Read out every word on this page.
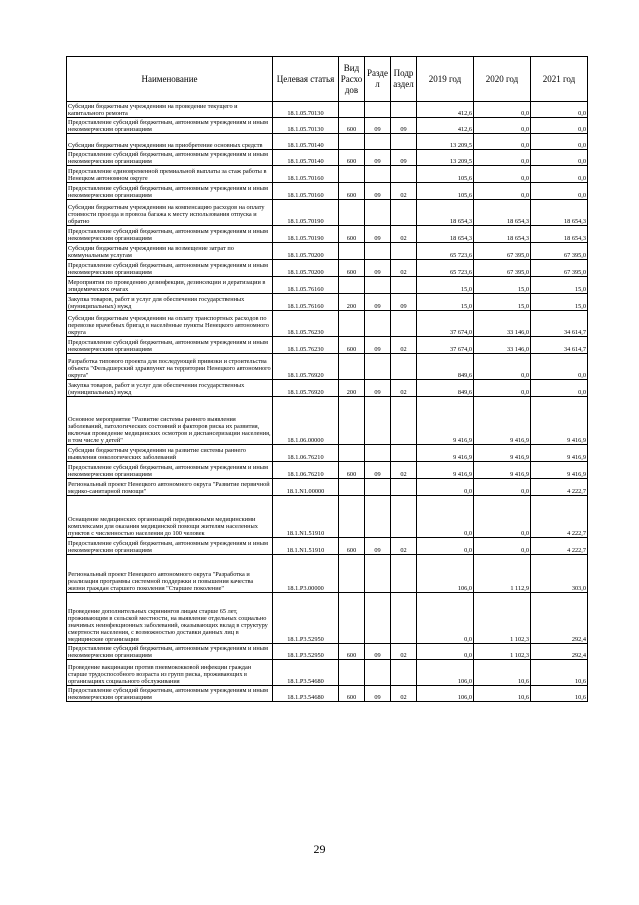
Наименование	Целевая статья	Вид Расхо дов	Разде л	Подр аздел	2019 год	2020 год	2021 год
Субсидии бюджетным учреждениям на проведение текущего и капитального ремонта	18.1.05.70130				412,6	0,0	0,0
Предоставление субсидий бюджетным, автономным учреждениям и иным некоммерческим организациям	18.1.05.70130	600	09	09	412,6	0,0	0,0
Субсидии бюджетным учреждениям на приобретение основных средств	18.1.05.70140				13 209,5	0,0	0,0
Предоставление субсидий бюджетным, автономным учреждениям и иным некоммерческим организациям	18.1.05.70140	600	09	09	13 209,5	0,0	0,0
Предоставление единовременной премиальной выплаты за стаж работы в Ненецком автономном округе	18.1.05.70160				105,6	0,0	0,0
Предоставление субсидий бюджетным, автономным учреждениям и иным некоммерческим организациям	18.1.05.70160	600	09	02	105,6	0,0	0,0
Субсидии бюджетным учреждениям на компенсацию расходов на оплату стоимости проезда и провоза багажа к месту использования отпуска и обратно	18.1.05.70190				18 654,3	18 654,3	18 654,3
Предоставление субсидий бюджетным, автономным учреждениям и иным некоммерческим организациям	18.1.05.70190	600	09	02	18 654,3	18 654,3	18 654,3
Субсидии бюджетным учреждениям на возмещение затрат по коммунальным услугам	18.1.05.70200				65 723,6	67 395,0	67 395,0
Предоставление субсидий бюджетным, автономным учреждениям и иным некоммерческим организациям	18.1.05.70200	600	09	02	65 723,6	67 395,0	67 395,0
Мероприятия по проведению дезинфекции, дезинсекции и дератизации в эпидемических очагах	18.1.05.76160				15,0	15,0	15,0
Закупка товаров, работ и услуг для обеспечения государственных (муниципальных) нужд	18.1.05.76160	200	09	09	15,0	15,0	15,0
Субсидии бюджетным учреждениям на оплату транспортных расходов по перевозке врачебных бригад в населённые пункты Ненецкого автономного округа	18.1.05.76230				37 674,0	33 146,0	34 614,7
Предоставление субсидий бюджетным, автономным учреждениям и иным некоммерческим организациям	18.1.05.76230	600	09	02	37 674,0	33 146,0	34 614,7
Разработка типового проекта для последующей привязки и строительства объекта "Фельдшерский здравпункт на территории Ненецкого автономного округа"	18.1.05.76920				849,6	0,0	0,0
Закупка товаров, работ и услуг для обеспечения государственных (муниципальных) нужд	18.1.05.76920	200	09	02	849,6	0,0	0,0
Основное мероприятие "Развитие системы раннего выявления заболеваний, патологических состояний и факторов риска их развития, включая проведение медицинских осмотров и диспансеризации населения, в том числе у детей"	18.1.06.00000				9 416,9	9 416,9	9 416,9
Субсидии бюджетным учреждениям на развитие системы раннего выявления онкологических заболеваний	18.1.06.76210				9 416,9	9 416,9	9 416,9
Предоставление субсидий бюджетным, автономным учреждениям и иным некоммерческим организациям	18.1.06.76210	600	09	02	9 416,9	9 416,9	9 416,9
Региональный проект Ненецкого автономного округа "Развитие первичной медико-санитарной помощи"	18.1.N1.00000				0,0	0,0	4 222,7
Оснащение медицинских организаций передвижными медицинскими комплексами для оказания медицинской помощи жителям населенных пунктов с численностью населения до 100 человек	18.1.N1.51910				0,0	0,0	4 222,7
Предоставление субсидий бюджетным, автономным учреждениям и иным некоммерческим организациям	18.1.N1.51910	600	09	02	0,0	0,0	4 222,7
Региональный проект Ненецкого автономного округа "Разработка и реализация программы системной поддержки и повышения качества жизни граждан старшего поколения "Старшее поколение"	18.1.P3.00000				106,0	1 112,9	303,0
Проведение дополнительных скринингов лицам старше 65 лет, проживающим в сельской местности, на выявление отдельных социально значимых неинфекционных заболеваний, оказывающих вклад в структуру смертности населения, с возможностью доставки данных лиц в медицинские организации	18.1.P3.52950				0,0	1 102,3	292,4
Предоставление субсидий бюджетным, автономным учреждениям и иным некоммерческим организациям	18.1.P3.52950	600	09	02	0,0	1 102,3	292,4
Проведение вакцинации против пневмококковой инфекции граждан старше трудоспособного возраста из групп риска, проживающих в организациях социального обслуживания	18.1.P3.54680				106,0	10,6	10,6
Предоставление субсидий бюджетным, автономным учреждениям и иным некоммерческим организациям	18.1.P3.54680	600	09	02	106,0	10,6	10,6
29
